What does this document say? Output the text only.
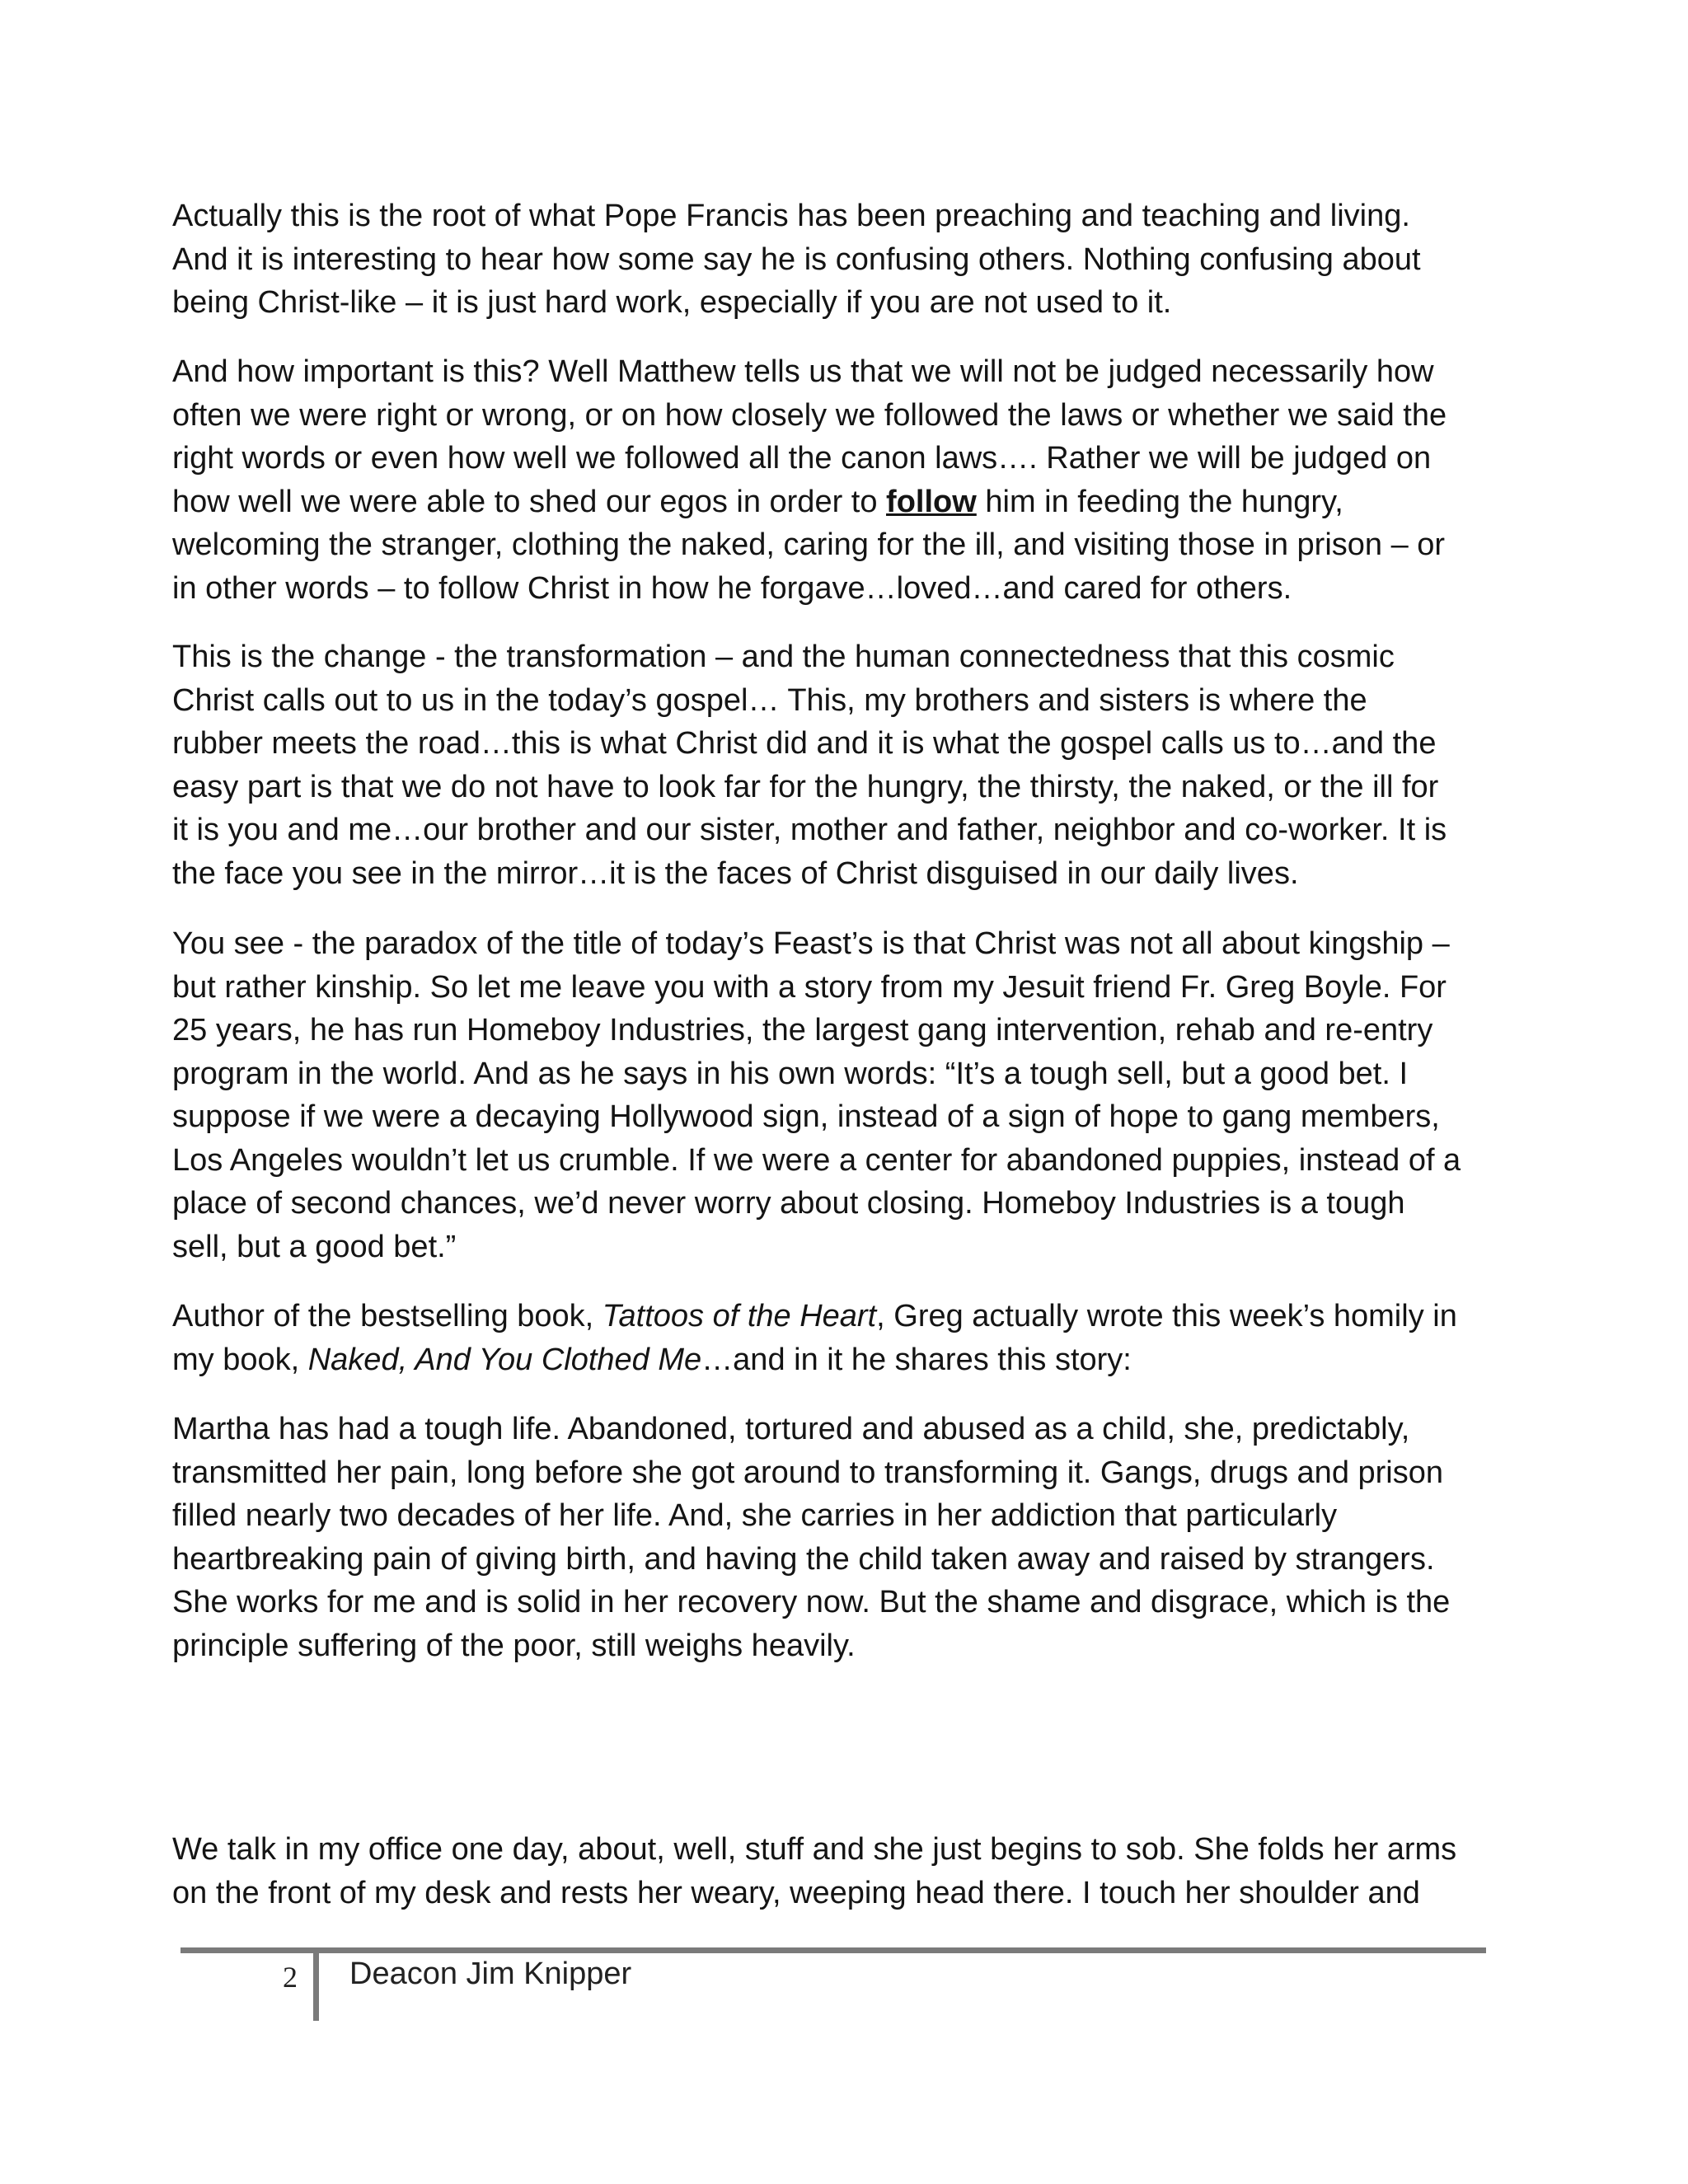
Actually this is the root of what Pope Francis has been preaching and teaching and living.
And it is interesting to hear how some say he is confusing others. Nothing confusing about
being Christ-like – it is just hard work, especially if you are not used to it.

And how important is this? Well Matthew tells us that we will not be judged necessarily how
often we were right or wrong, or on how closely we followed the laws or whether we said the
right words or even how well we followed all the canon laws…. Rather we will be judged on
how well we were able to shed our egos in order to follow him in feeding the hungry,
welcoming the stranger, clothing the naked, caring for the ill, and visiting those in prison – or
in other words – to follow Christ in how he forgave…loved…and cared for others.

This is the change - the transformation – and the human connectedness that this cosmic
Christ calls out to us in the today’s gospel… This, my brothers and sisters is where the
rubber meets the road…this is what Christ did and it is what the gospel calls us to…and the
easy part is that we do not have to look far for the hungry, the thirsty, the naked, or the ill for
it is you and me…our brother and our sister, mother and father, neighbor and co-worker. It is
the face you see in the mirror…it is the faces of Christ disguised in our daily lives.

You see - the paradox of the title of today’s Feast’s is that Christ was not all about kingship –
but rather kinship. So let me leave you with a story from my Jesuit friend Fr. Greg Boyle. For
25 years, he has run Homeboy Industries, the largest gang intervention, rehab and re-entry
program in the world. And as he says in his own words: “It’s a tough sell, but a good bet. I
suppose if we were a decaying Hollywood sign, instead of a sign of hope to gang members,
Los Angeles wouldn’t let us crumble. If we were a center for abandoned puppies, instead of a
place of second chances, we’d never worry about closing. Homeboy Industries is a tough
sell, but a good bet.”

Author of the bestselling book, Tattoos of the Heart, Greg actually wrote this week’s homily in
my book, Naked, And You Clothed Me…and in it he shares this story:

Martha has had a tough life. Abandoned, tortured and abused as a child, she, predictably,
transmitted her pain, long before she got around to transforming it. Gangs, drugs and prison
filled nearly two decades of her life. And, she carries in her addiction that particularly
heartbreaking pain of giving birth, and having the child taken away and raised by strangers.
She works for me and is solid in her recovery now. But the shame and disgrace, which is the
principle suffering of the poor, still weighs heavily.

We talk in my office one day, about, well, stuff and she just begins to sob. She folds her arms
on the front of my desk and rests her weary, weeping head there. I touch her shoulder and

2 Deacon Jim Knipper
